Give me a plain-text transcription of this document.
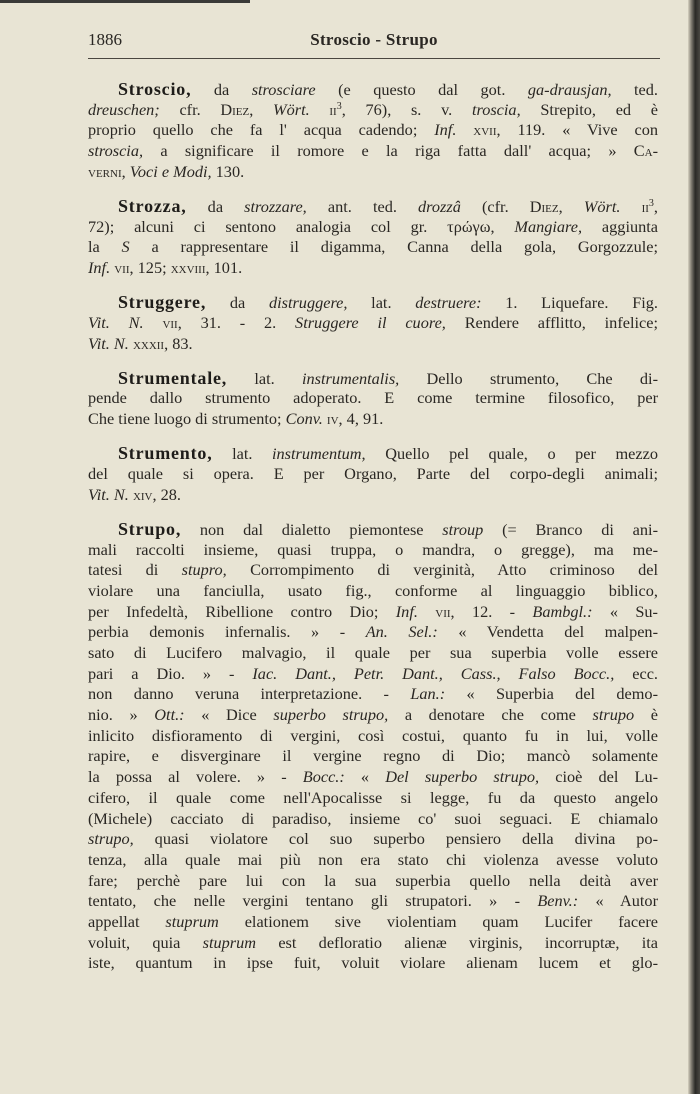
1886	Stroscio - Strupo
Stroscio, da strosciare (e questo dal got. ga-drausjan, ted.
dreuschen; cfr. Diez, Wört. $ii^3$, 76), s. v. troscia, Strepito, ed è
proprio quello che fa l' acqua cadendo; Inf. xvii, 119. « Vive con
stroscia, a significare il romore e la riga fatta dall' acqua; » Ca-
verni, Voci e Modi, 130.
Strozza, da strozzare, ant. ted. drozzâ (cfr. Diez, Wört. $ii^3$,
72); alcuni ci sentono analogia col gr. τρώγω, Mangiare, aggiunta
la S a rappresentare il digamma, Canna della gola, Gorgozzule;
Inf. vii, 125; xxviii, 101.
Struggere, da distruggere, lat. destruere: 1. Liquefare. Fig.
Vit. N. vii, 31. - 2. Struggere il cuore, Rendere afflitto, infelice;
Vit. N. xxxii, 83.
Strumentale, lat. instrumentalis, Dello strumento, Che di-
pende dallo strumento adoperato. E come termine filosofico, per
Che tiene luogo di strumento; Conv. iv, 4, 91.
Strumento, lat. instrumentum, Quello pel quale, o per mezzo
del quale si opera. E per Organo, Parte del corpo-degli animali;
Vit. N. xiv, 28.
Strupo, non dal dialetto piemontese stroup (= Branco di ani-
mali raccolti insieme, quasi truppa, o mandra, o gregge), ma me-
tatesi di stupro, Corrompimento di verginità, Atto criminoso del
violare una fanciulla, usato fig., conforme al linguaggio biblico,
per Infedeltà, Ribellione contro Dio; Inf. vii, 12. - Bambgl.: « Su-
perbia demonis infernalis. » - An. Sel.: « Vendetta del malpen-
sato di Lucifero malvagio, il quale per sua superbia volle essere
pari a Dio. » - Iac. Dant., Petr. Dant., Cass., Falso Bocc., ecc.
non danno veruna interpretazione. - Lan.: « Superbia del demo-
nio. » Ott.: « Dice superbo strupo, a denotare che come strupo è
inlicito disfioramento di vergini, così costui, quanto fu in lui, volle
rapire, e disverginare il vergine regno di Dio; mancò solamente
la possa al volere. » - Bocc.: « Del superbo strupo, cioè del Lu-
cifero, il quale come nell'Apocalisse si legge, fu da questo angelo
(Michele) cacciato di paradiso, insieme co' suoi seguaci. E chiamalo
strupo, quasi violatore col suo superbo pensiero della divina po-
tenza, alla quale mai più non era stato chi violenza avesse voluto
fare; perchè pare lui con la sua superbia quello nella deità aver
tentato, che nelle vergini tentano gli strupatori. » - Benv.: « Autor
appellat stuprum elationem sive violentiam quam Lucifer facere
voluit, quia stuprum est defloratio alienæ virginis, incorruptæ, ita
iste, quantum in ipse fuit, voluit violare alienam lucem et glo-
